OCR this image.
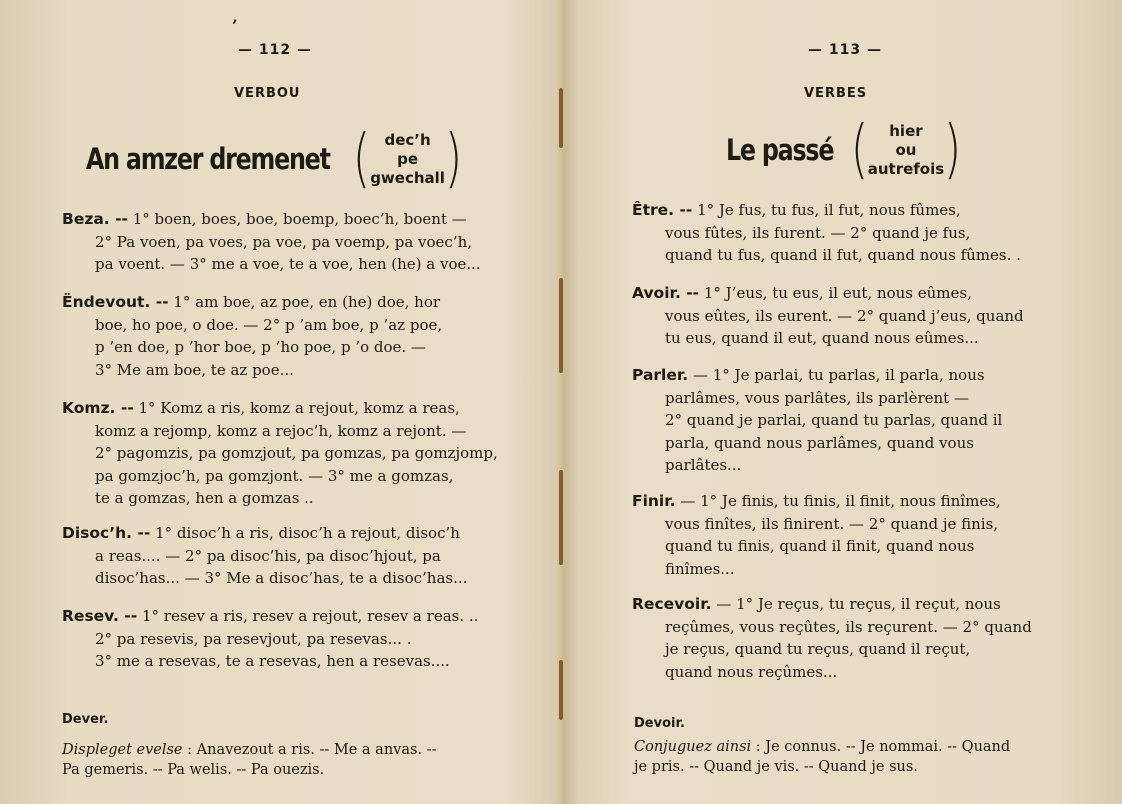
’
— 112 —
VERBOU
An amzer dremenet ( dec’h
pe
gwechall )
Beza. -- 1° boen, boes, boe, boemp, boec’h, boent —
2° Pa voen, pa voes, pa voe, pa voemp, pa voec’h,
pa voent. — 3° me a voe, te a voe, hen (he) a voe...
Ëndevout. -- 1° am boe, az poe, en (he) doe, hor
boe, ho poe, o doe. — 2° p ’am boe, p ’az poe,
p ’en doe, p ’hor boe, p ’ho poe, p ’o doe. —
3° Me am boe, te az poe...
Komz. -- 1° Komz a ris, komz a rejout, komz a reas,
komz a rejomp, komz a rejoc’h, komz a rejont. —
2° pagomzis, pa gomzjout, pa gomzas, pa gomzjomp,
pa gomzjoc’h, pa gomzjont. — 3° me a gomzas,
te a gomzas, hen a gomzas ..
Disoc’h. -- 1° disoc’h a ris, disoc’h a rejout, disoc’h
a reas.... — 2° pa disoc’his, pa disoc’hjout, pa
disoc’has... — 3° Me a disoc’has, te a disoc’has...
Resev. -- 1° resev a ris, resev a rejout, resev a reas. ..
2° pa resevis, pa resevjout, pa resevas... .
3° me a resevas, te a resevas, hen a resevas....
Dever.
Displeget evelse : Anavezout a ris. -- Me a anvas. --
Pa gemeris. -- Pa welis. -- Pa ouezis.
— 113 —
VERBES
Le passé ( hier
ou
autrefois )
Être. -- 1° Je fus, tu fus, il fut, nous fûmes,
vous fûtes, ils furent. — 2° quand je fus,
quand tu fus, quand il fut, quand nous fûmes. .
Avoir. -- 1° J’eus, tu eus, il eut, nous eûmes,
vous eûtes, ils eurent. — 2° quand j’eus, quand
tu eus, quand il eut, quand nous eûmes...
Parler. — 1° Je parlai, tu parlas, il parla, nous
parlâmes, vous parlâtes, ils parlèrent —
2° quand je parlai, quand tu parlas, quand il
parla, quand nous parlâmes, quand vous
parlâtes...
Finir. — 1° Je finis, tu finis, il finit, nous finîmes,
vous finîtes, ils finirent. — 2° quand je finis,
quand tu finis, quand il finit, quand nous
finîmes...
Recevoir. — 1° Je reçus, tu reçus, il reçut, nous
reçûmes, vous reçûtes, ils reçurent. — 2° quand
je reçus, quand tu reçus, quand il reçut,
quand nous reçûmes...
Devoir.
Conjuguez ainsi : Je connus. -- Je nommai. -- Quand
je pris. -- Quand je vis. -- Quand je sus.
